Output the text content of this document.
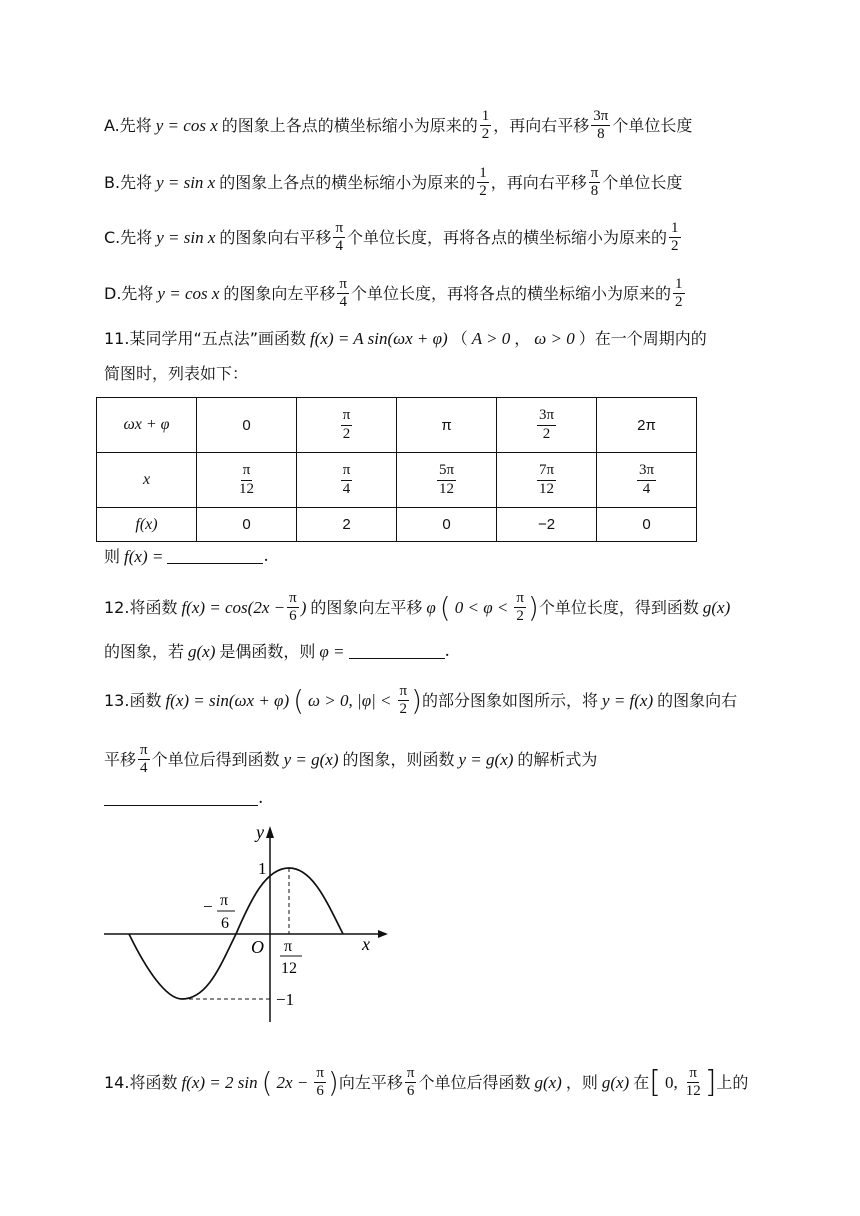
A.先将 y = cos x 的图象上各点的横坐标缩小为原来的 $\frac{1}{2}$ ，再向右平移 $\frac{3\pi}{8}$ 个单位长度
B.先将 y = sin x 的图象上各点的横坐标缩小为原来的 $\frac{1}{2}$ ，再向右平移 $\frac{\pi}{8}$ 个单位长度
C.先将 y = sin x 的图象向右平移 $\frac{\pi}{4}$ 个单位长度，再将各点的横坐标缩小为原来的 $\frac{1}{2}$
D.先将 y = cos x 的图象向左平移 $\frac{\pi}{4}$ 个单位长度，再将各点的横坐标缩小为原来的 $\frac{1}{2}$
11.某同学用“五点法”画函数 f(x) = A sin(ωx + φ) （ A > 0 ， ω > 0 ）在一个周期内的
简图时，列表如下：
ωx + φ	0	$\frac{\pi}{2}$	π	$\frac{3\pi}{2}$	2π
x	$\frac{\pi}{12}$	$\frac{\pi}{4}$	$\frac{5\pi}{12}$	$\frac{7\pi}{12}$	$\frac{3\pi}{4}$

f(x)	0	2	0	−2	0
则 f(x) =	.
12.将函数 $f(x) = \cos(2x - \frac{\pi}{6}$ ) 的图象向左平移 φ ( $0 < \varphi < \frac{\pi}{2}$ ) 个单位长度，得到函数 g(x)
的图象，若 g(x) 是偶函数，则 φ =	.
13.函数 f(x) = sin(ωx + φ) ( ω > 0, $|\varphi| < \frac{\pi}{2}$ ) 的部分图象如图所示，将 y = f(x) 的图象向右
平移 $\frac{\pi}{4}$ 个单位后得到函数 y = g(x) 的图象，则函数 y = g(x) 的解析式为
.
y
x
O
1
−1
− π
6
π
12
14.将函数 f(x) = 2 sin ( $2x - \frac{\pi}{6}$ ) 向左平移 $\frac{\pi}{6}$ 个单位后得函数 g(x) ，则 g(x) 在 [ 0, $\frac{\pi}{12}$ ] 上的
